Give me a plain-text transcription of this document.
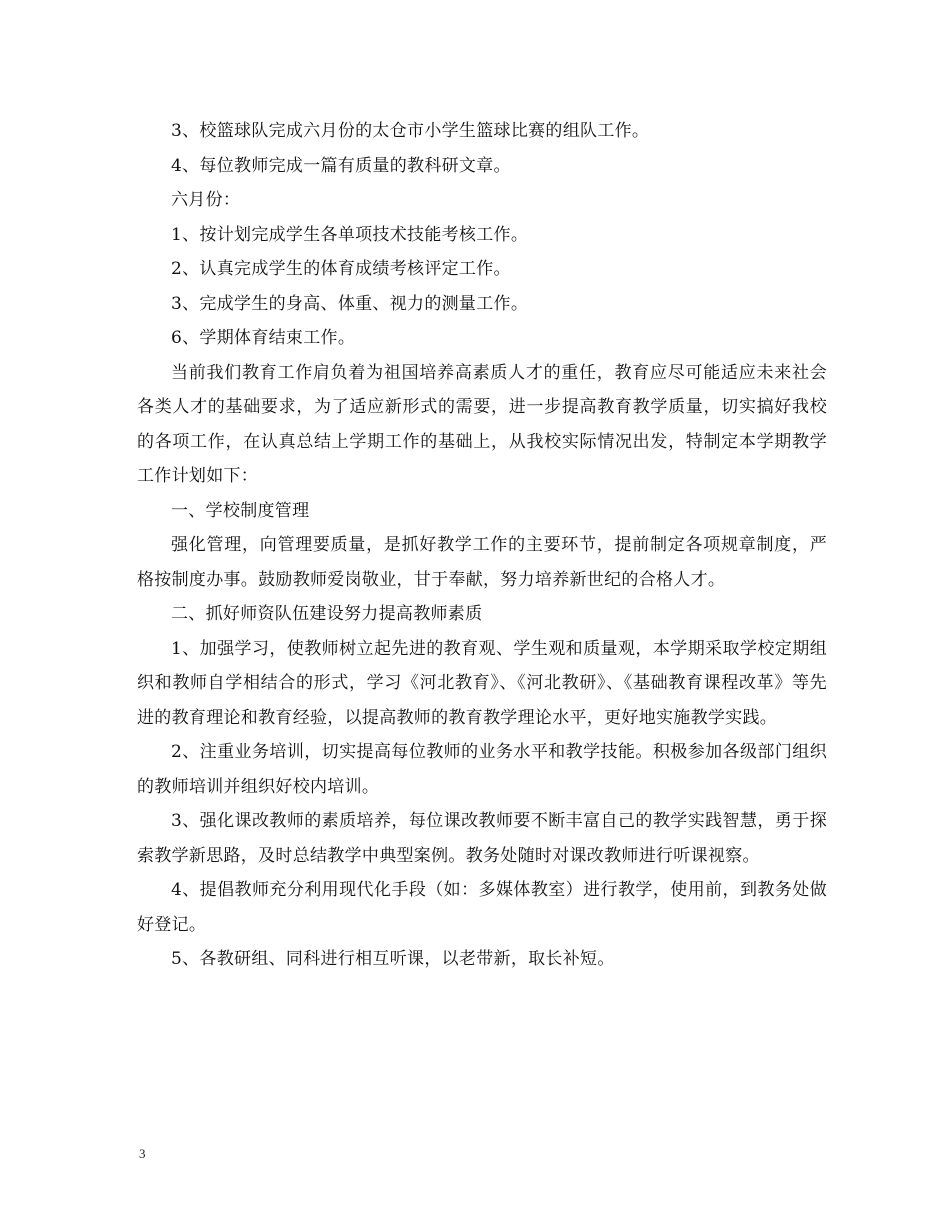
3、校篮球队完成六月份的太仓市小学生篮球比赛的组队工作。

4、每位教师完成一篇有质量的教科研文章。

六月份：

1、按计划完成学生各单项技术技能考核工作。

2、认真完成学生的体育成绩考核评定工作。

3、完成学生的身高、体重、视力的测量工作。

6、学期体育结束工作。

当前我们教育工作肩负着为祖国培养高素质人才的重任，教育应尽可能适应未来社会各类人才的基础要求，为了适应新形式的需要，进一步提高教育教学质量，切实搞好我校的各项工作，在认真总结上学期工作的基础上，从我校实际情况出发，特制定本学期教学工作计划如下：

一、学校制度管理

强化管理，向管理要质量，是抓好教学工作的主要环节，提前制定各项规章制度，严格按制度办事。鼓励教师爱岗敬业，甘于奉献，努力培养新世纪的合格人才。

二、抓好师资队伍建设努力提高教师素质

1、加强学习，使教师树立起先进的教育观、学生观和质量观，本学期采取学校定期组织和教师自学相结合的形式，学习《河北教育》、《河北教研》、《基础教育课程改革》等先进的教育理论和教育经验，以提高教师的教育教学理论水平，更好地实施教学实践。

2、注重业务培训，切实提高每位教师的业务水平和教学技能。积极参加各级部门组织的教师培训并组织好校内培训。

3、强化课改教师的素质培养，每位课改教师要不断丰富自己的教学实践智慧，勇于探索教学新思路，及时总结教学中典型案例。教务处随时对课改教师进行听课视察。

4、提倡教师充分利用现代化手段（如：多媒体教室）进行教学，使用前，到教务处做好登记。

5、各教研组、同科进行相互听课，以老带新，取长补短。

3
